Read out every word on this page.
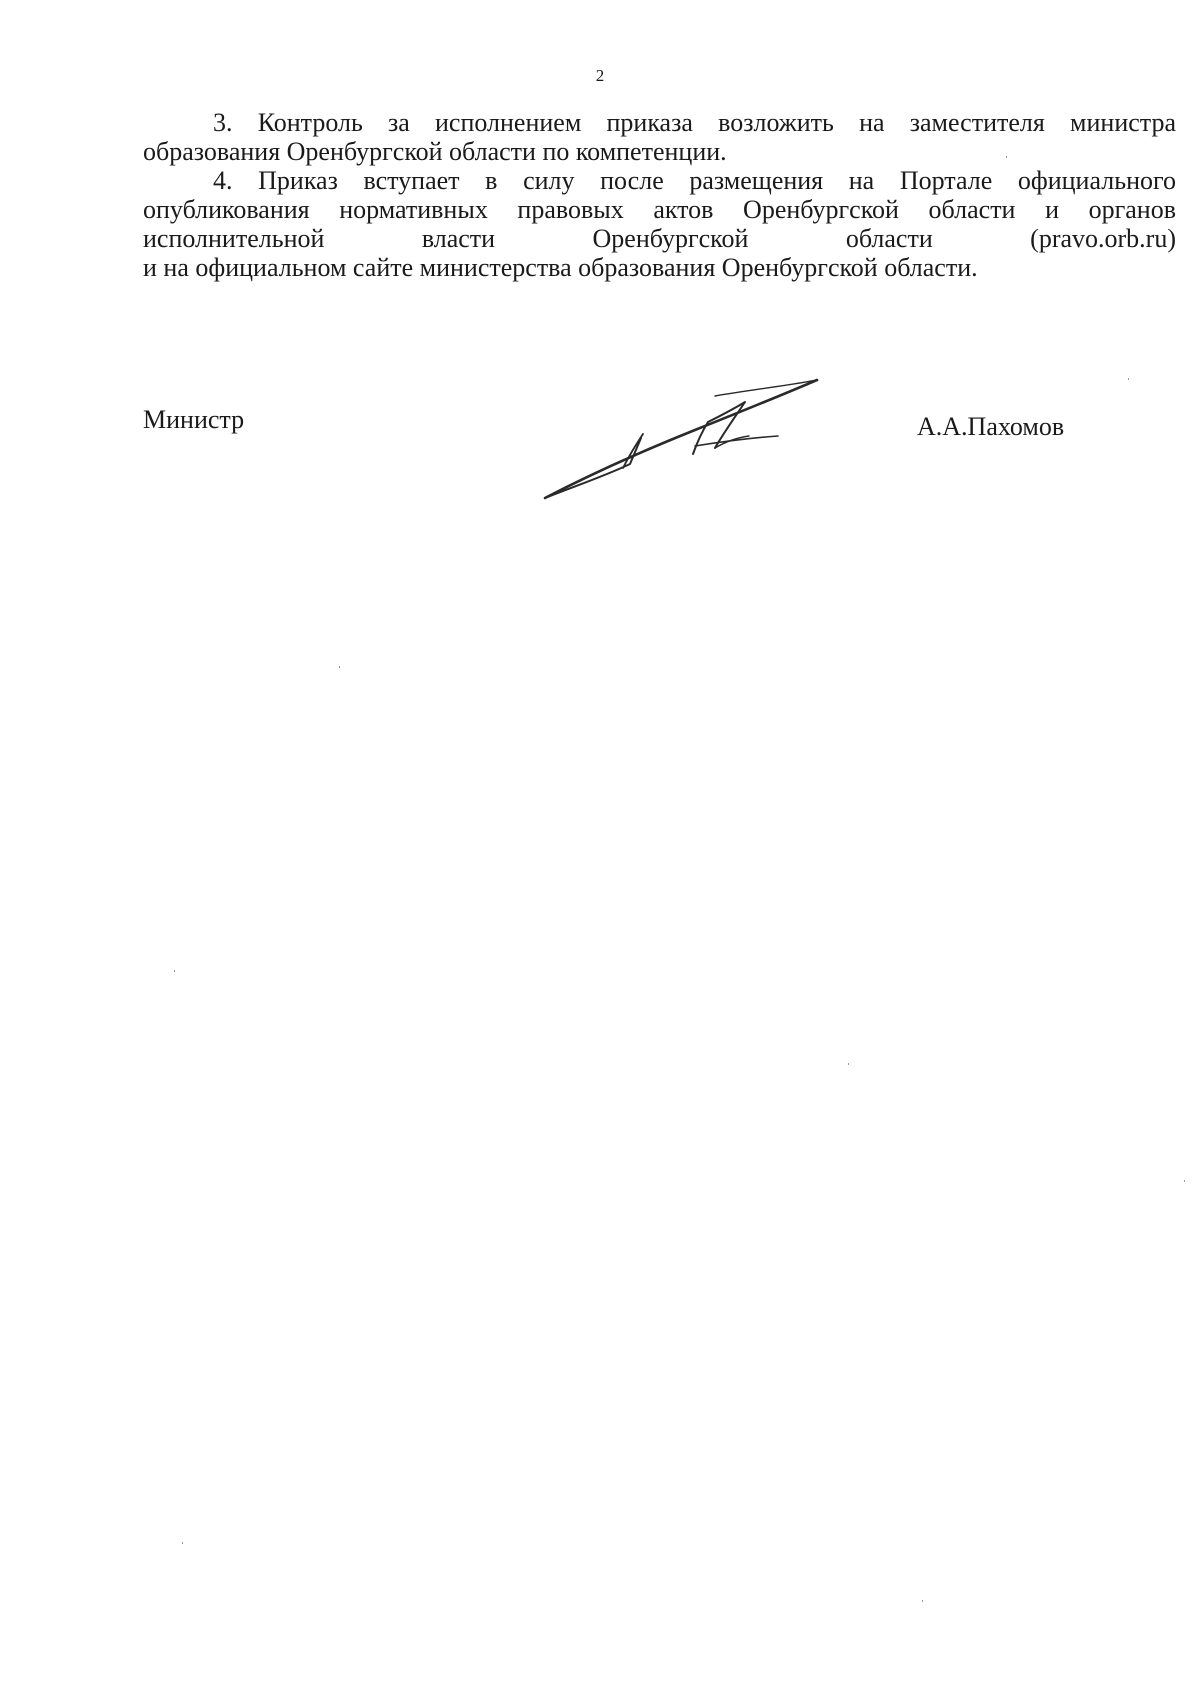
2

3. Контроль за исполнением приказа возложить на заместителя министра
образования Оренбургской области по компетенции.

4. Приказ вступает в силу после размещения на Портале официального
опубликования нормативных правовых актов Оренбургской области и органов
исполнительной власти Оренбургской области (pravo.orb.ru)
и на официальном сайте министерства образования Оренбургской области.

Министр	А.А.Пахомов
